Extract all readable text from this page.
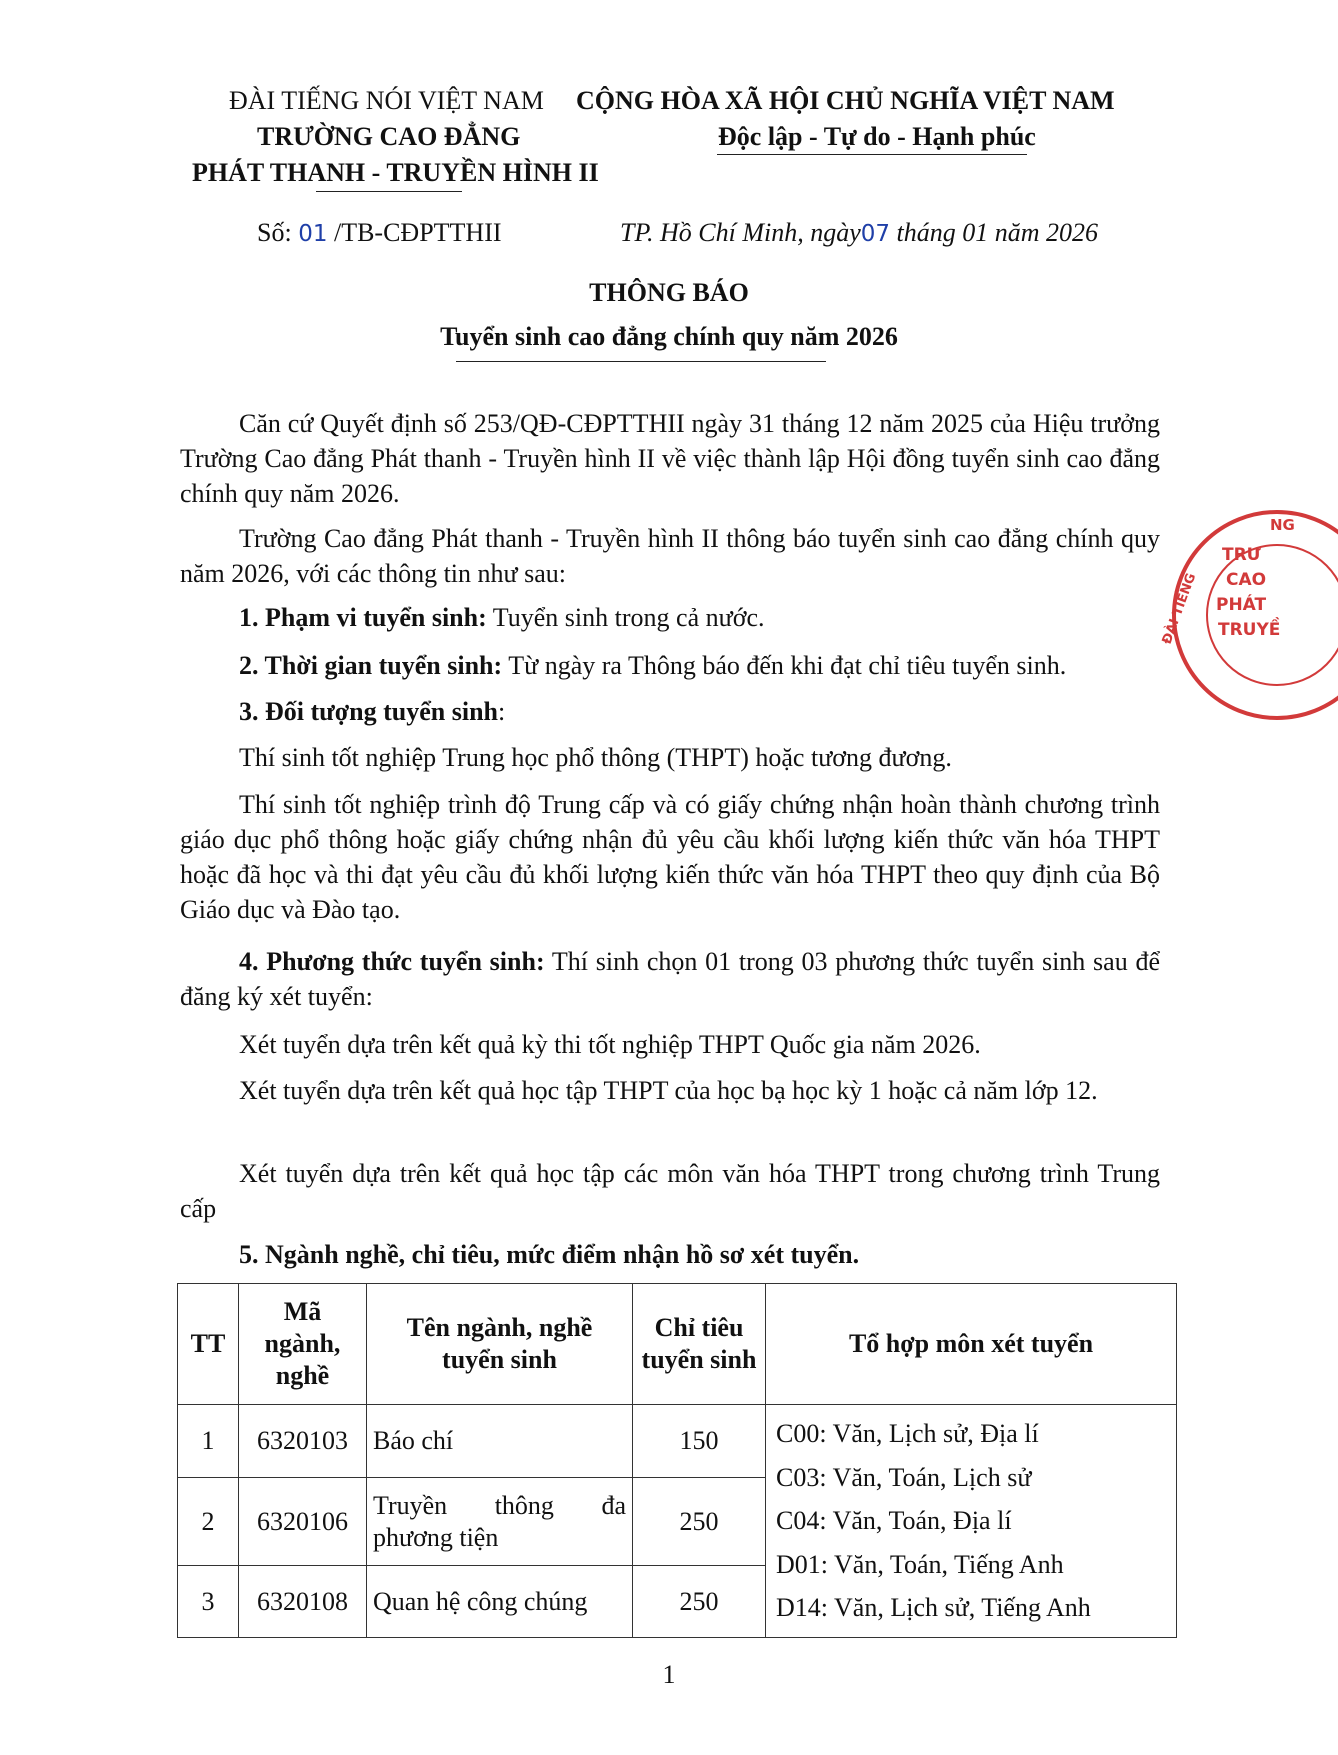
ĐÀI TIẾNG NÓI VIỆT NAM CỘNG HÒA XÃ HỘI CHỦ NGHĨA VIỆT NAM
TRƯỜNG CAO ĐẲNG	Độc lập - Tự do - Hạnh phúc
PHÁT THANH - TRUYỀN HÌNH II
Số: 01 /TB-CĐPTTHII	TP. Hồ Chí Minh, ngày07 tháng 01 năm 2026
THÔNG BÁO
Tuyển sinh cao đẳng chính quy năm 2026
Căn cứ Quyết định số 253/QĐ-CĐPTTHII ngày 31 tháng 12 năm 2025 của Hiệu trưởng Trường Cao đẳng Phát thanh - Truyền hình II về việc thành lập Hội đồng tuyển sinh cao đẳng chính quy năm 2026.
Trường Cao đẳng Phát thanh - Truyền hình II thông báo tuyển sinh cao đẳng chính quy năm 2026, với các thông tin như sau:
1. Phạm vi tuyển sinh: Tuyển sinh trong cả nước.
2. Thời gian tuyển sinh: Từ ngày ra Thông báo đến khi đạt chỉ tiêu tuyển sinh.
3. Đối tượng tuyển sinh:
Thí sinh tốt nghiệp Trung học phổ thông (THPT) hoặc tương đương.
Thí sinh tốt nghiệp trình độ Trung cấp và có giấy chứng nhận hoàn thành chương trình giáo dục phổ thông hoặc giấy chứng nhận đủ yêu cầu khối lượng kiến thức văn hóa THPT hoặc đã học và thi đạt yêu cầu đủ khối lượng kiến thức văn hóa THPT theo quy định của Bộ Giáo dục và Đào tạo.
4. Phương thức tuyển sinh: Thí sinh chọn 01 trong 03 phương thức tuyển sinh sau để đăng ký xét tuyển:
Xét tuyển dựa trên kết quả kỳ thi tốt nghiệp THPT Quốc gia năm 2026.
Xét tuyển dựa trên kết quả học tập THPT của học bạ học kỳ 1 hoặc cả năm lớp 12.
Xét tuyển dựa trên kết quả học tập các môn văn hóa THPT trong chương trình Trung cấp
5. Ngành nghề, chỉ tiêu, mức điểm nhận hồ sơ xét tuyển.
TT	Mã ngành, nghề	Tên ngành, nghề tuyển sinh	Chỉ tiêu tuyển sinh	Tổ hợp môn xét tuyển
1	6320103	Báo chí	150	C00: Văn, Lịch sử, Địa lí
C03: Văn, Toán, Lịch sử
C04: Văn, Toán, Địa lí
D01: Văn, Toán, Tiếng Anh
D14: Văn, Lịch sử, Tiếng Anh

2	6320106	Truyền thông đa phương tiện	250	
3	6320108	Quan hệ công chúng	250	
1
TRƯ
CAO
PHÁT
TRUYỀ
NG
ĐÀI TIẾNG
